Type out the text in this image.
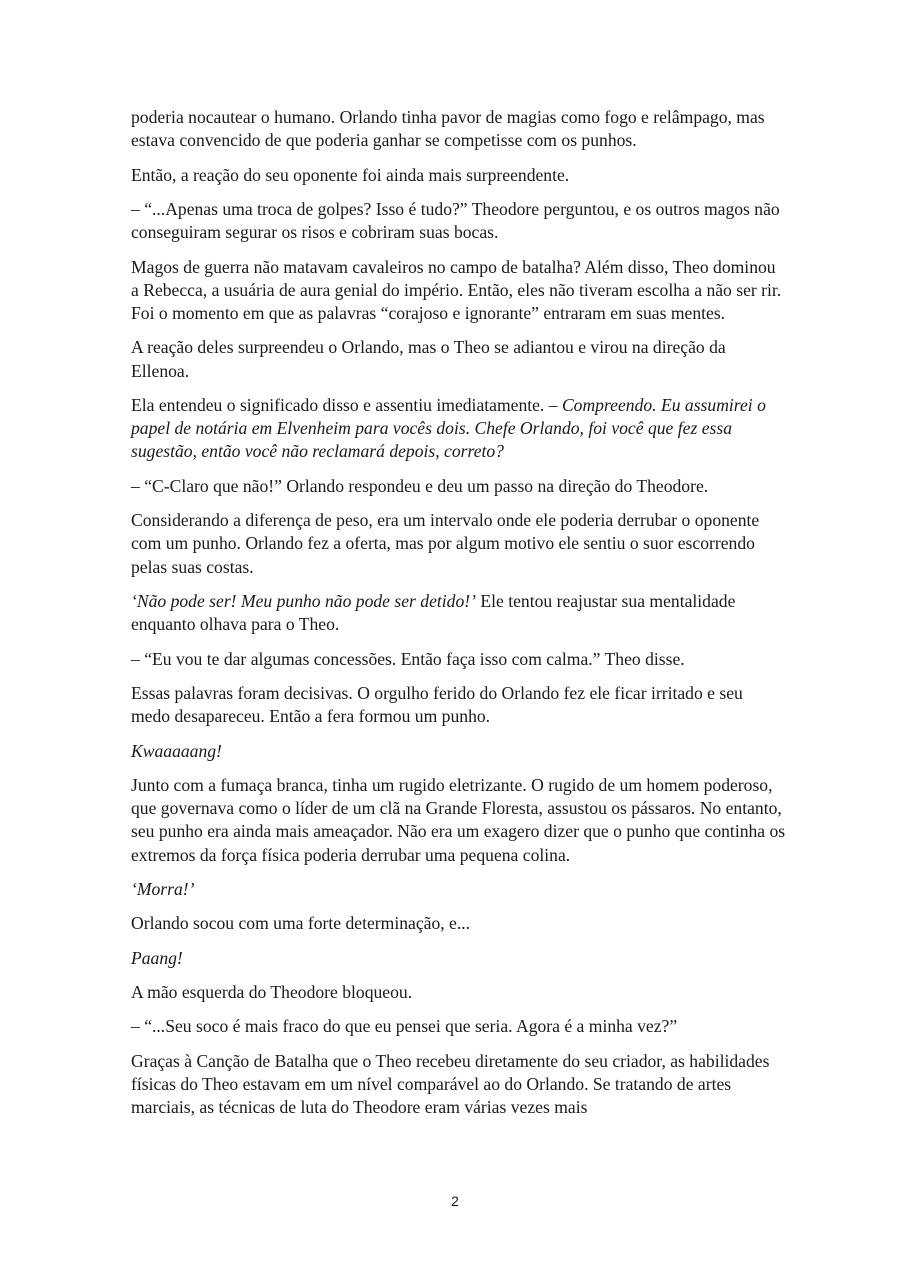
poderia nocautear o humano. Orlando tinha pavor de magias como fogo e relâmpago, mas estava convencido de que poderia ganhar se competisse com os punhos.

Então, a reação do seu oponente foi ainda mais surpreendente.

– “...Apenas uma troca de golpes? Isso é tudo?” Theodore perguntou, e os outros magos não conseguiram segurar os risos e cobriram suas bocas.

Magos de guerra não matavam cavaleiros no campo de batalha? Além disso, Theo dominou a Rebecca, a usuária de aura genial do império. Então, eles não tiveram escolha a não ser rir. Foi o momento em que as palavras “corajoso e ignorante” entraram em suas mentes.

A reação deles surpreendeu o Orlando, mas o Theo se adiantou e virou na direção da Ellenoa.

Ela entendeu o significado disso e assentiu imediatamente. – Compreendo. Eu assumirei o papel de notária em Elvenheim para vocês dois. Chefe Orlando, foi você que fez essa sugestão, então você não reclamará depois, correto?

– “C-Claro que não!” Orlando respondeu e deu um passo na direção do Theodore.

Considerando a diferença de peso, era um intervalo onde ele poderia derrubar o oponente com um punho. Orlando fez a oferta, mas por algum motivo ele sentiu o suor escorrendo pelas suas costas.

‘Não pode ser! Meu punho não pode ser detido!’ Ele tentou reajustar sua mentalidade enquanto olhava para o Theo.

– “Eu vou te dar algumas concessões. Então faça isso com calma.” Theo disse.

Essas palavras foram decisivas. O orgulho ferido do Orlando fez ele ficar irritado e seu medo desapareceu. Então a fera formou um punho.

Kwaaaaang!

Junto com a fumaça branca, tinha um rugido eletrizante. O rugido de um homem poderoso, que governava como o líder de um clã na Grande Floresta, assustou os pássaros. No entanto, seu punho era ainda mais ameaçador. Não era um exagero dizer que o punho que continha os extremos da força física poderia derrubar uma pequena colina.

‘Morra!’

Orlando socou com uma forte determinação, e...

Paang!

A mão esquerda do Theodore bloqueou.

– “...Seu soco é mais fraco do que eu pensei que seria. Agora é a minha vez?”

Graças à Canção de Batalha que o Theo recebeu diretamente do seu criador, as habilidades físicas do Theo estavam em um nível comparável ao do Orlando. Se tratando de artes marciais, as técnicas de luta do Theodore eram várias vezes mais

2
